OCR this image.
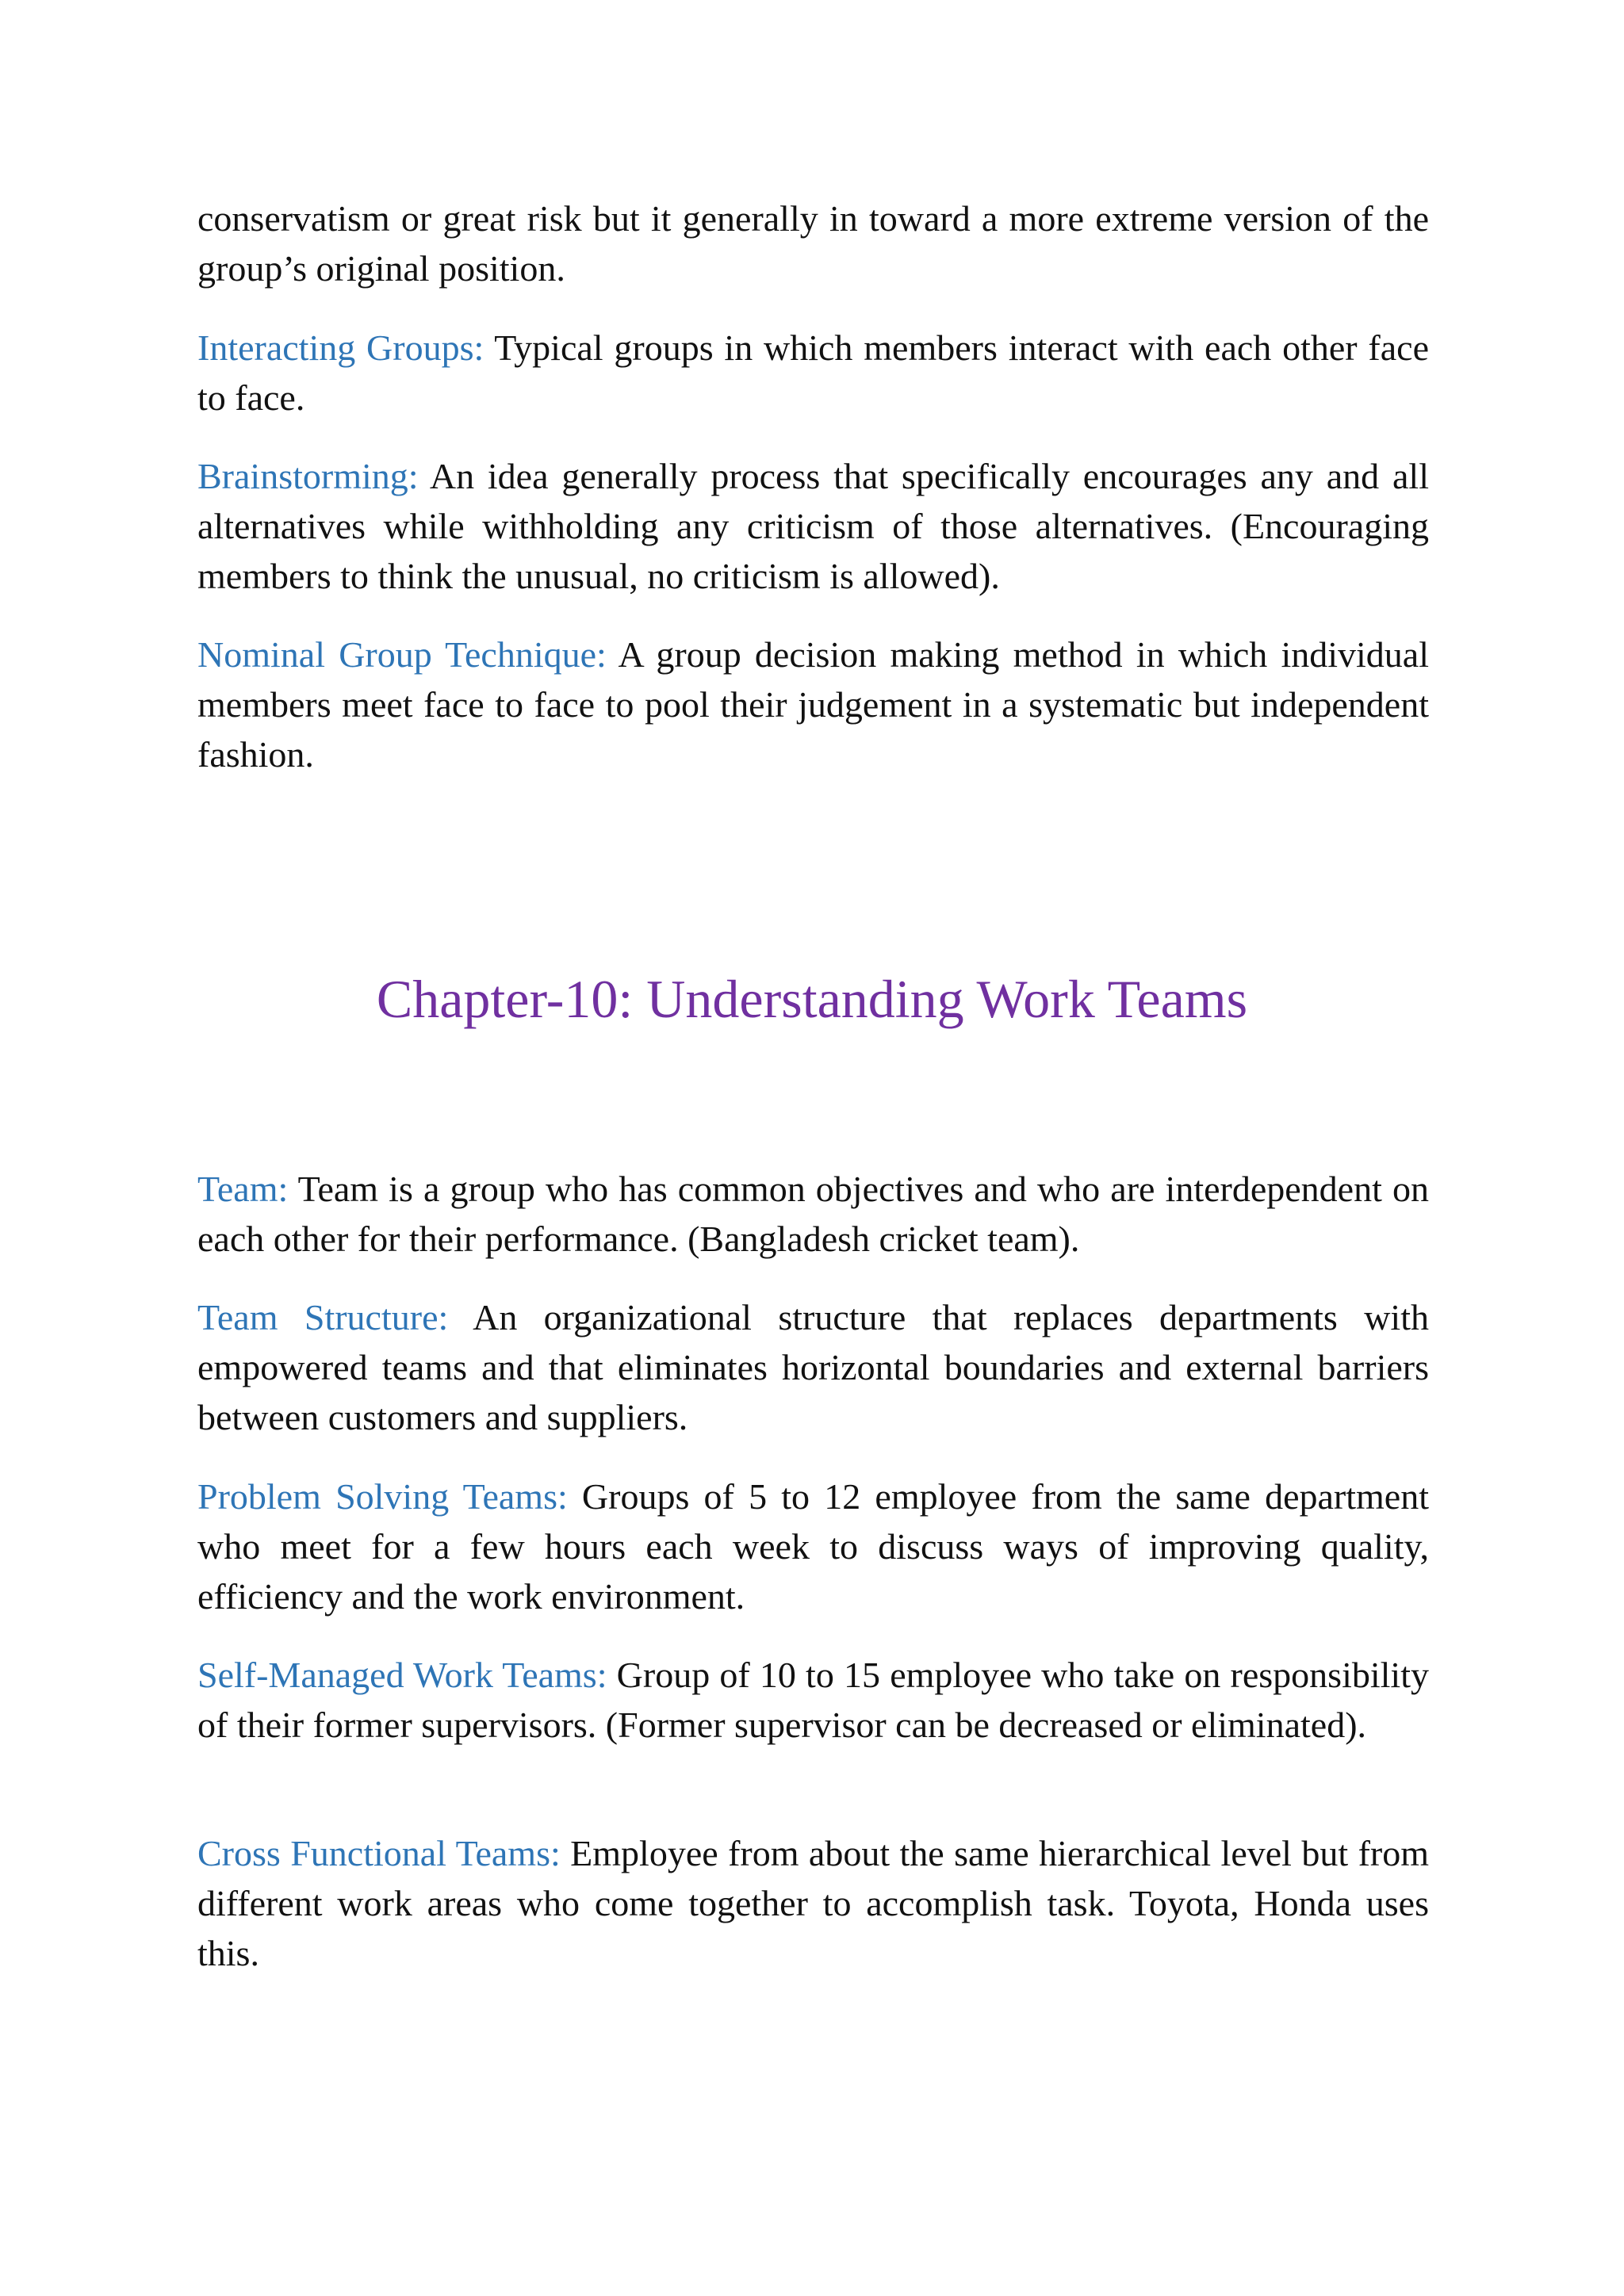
conservatism or great risk but it generally in toward a more extreme version of the group’s original position.

Interacting Groups: Typical groups in which members interact with each other face to face.

Brainstorming: An idea generally process that specifically encourages any and all alternatives while withholding any criticism of those alternatives. (Encouraging members to think the unusual, no criticism is allowed).

Nominal Group Technique: A group decision making method in which individual members meet face to face to pool their judgement in a systematic but independent fashion.

Chapter-10: Understanding Work Teams

Team: Team is a group who has common objectives and who are interdependent on each other for their performance. (Bangladesh cricket team).

Team Structure: An organizational structure that replaces departments with empowered teams and that eliminates horizontal boundaries and external barriers between customers and suppliers.

Problem Solving Teams: Groups of 5 to 12 employee from the same department who meet for a few hours each week to discuss ways of improving quality, efficiency and the work environment.

Self-Managed Work Teams: Group of 10 to 15 employee who take on responsibility of their former supervisors. (Former supervisor can be decreased or eliminated).

Cross Functional Teams: Employee from about the same hierarchical level but from different work areas who come together to accomplish task. Toyota, Honda uses this.
